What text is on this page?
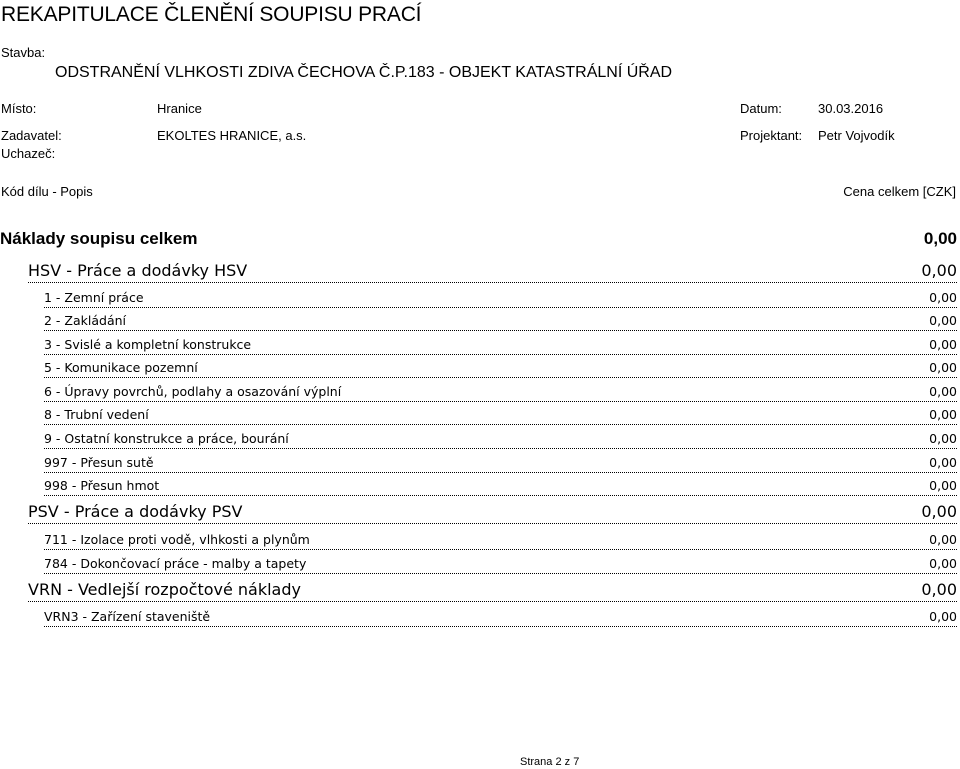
REKAPITULACE ČLENĚNÍ SOUPISU PRACÍ
Stavba:
ODSTRANĚNÍ VLHKOSTI ZDIVA ČECHOVA Č.P.183 - OBJEKT KATASTRÁLNÍ ÚŘAD
Místo:	Hranice	Datum:	30.03.2016
Zadavatel:	EKOLTES HRANICE, a.s.	Projektant: Petr Vojvodík
Uchazeč:
Kód dílu - Popis	Cena celkem [CZK]
Náklady soupisu celkem	0,00
HSV - Práce a dodávky HSV	0,00
1 - Zemní práce	0,00
2 - Zakládání	0,00
3 - Svislé a kompletní konstrukce	0,00
5 - Komunikace pozemní	0,00
6 - Úpravy povrchů, podlahy a osazování výplní	0,00
8 - Trubní vedení	0,00
9 - Ostatní konstrukce a práce, bourání	0,00
997 - Přesun sutě	0,00
998 - Přesun hmot	0,00
PSV - Práce a dodávky PSV	0,00
711 - Izolace proti vodě, vlhkosti a plynům	0,00
784 - Dokončovací práce - malby a tapety	0,00
VRN - Vedlejší rozpočtové náklady	0,00
VRN3 - Zařízení staveniště	0,00
Strana 2 z 7
